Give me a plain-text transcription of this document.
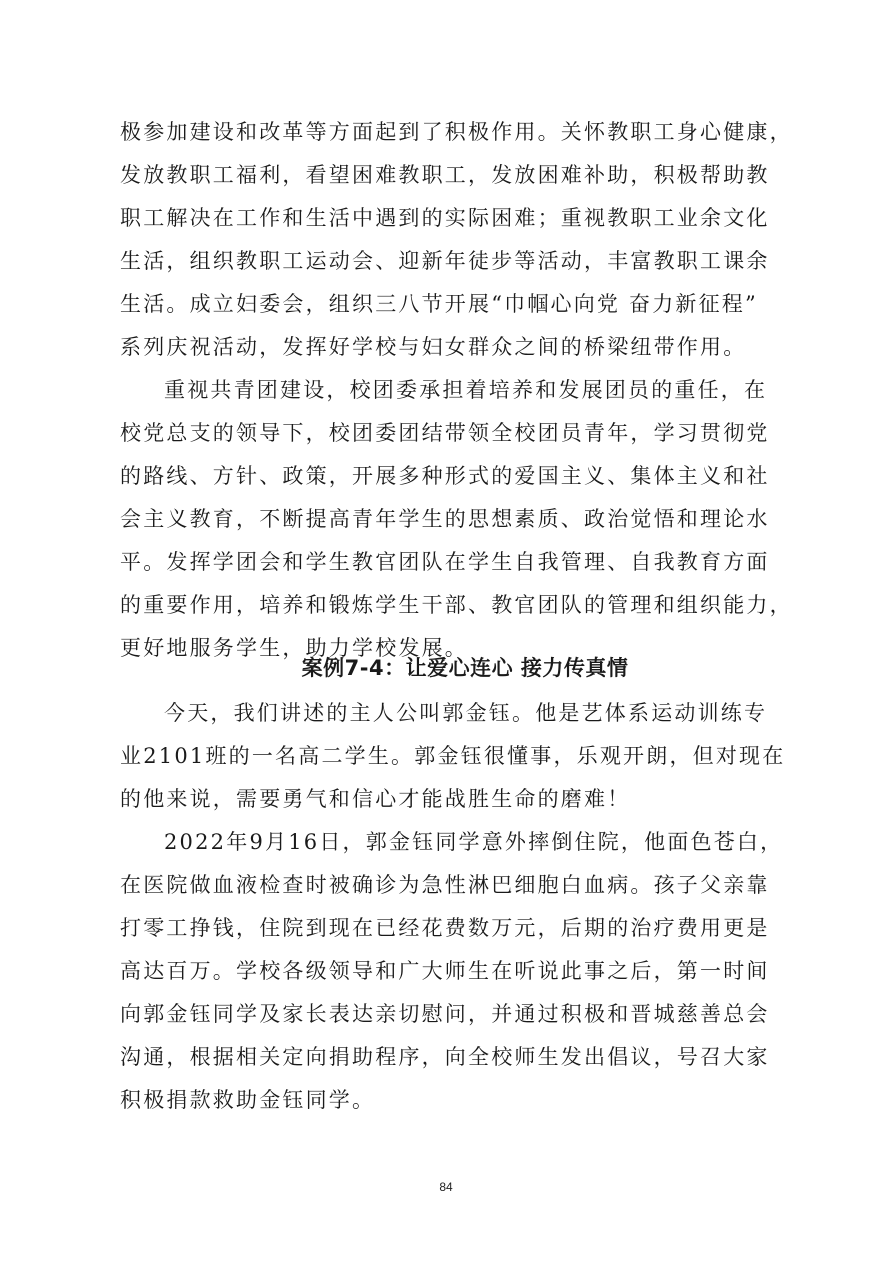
极参加建设和改革等方面起到了积极作用。关怀教职工身心健康，
发放教职工福利，看望困难教职工，发放困难补助，积极帮助教
职工解决在工作和生活中遇到的实际困难；重视教职工业余文化
生活，组织教职工运动会、迎新年徒步等活动，丰富教职工课余
生活。成立妇委会，组织三八节开展“巾帼心向党 奋力新征程”
系列庆祝活动，发挥好学校与妇女群众之间的桥梁纽带作用。
重视共青团建设，校团委承担着培养和发展团员的重任，在
校党总支的领导下，校团委团结带领全校团员青年，学习贯彻党
的路线、方针、政策，开展多种形式的爱国主义、集体主义和社
会主义教育，不断提高青年学生的思想素质、政治觉悟和理论水
平。发挥学团会和学生教官团队在学生自我管理、自我教育方面
的重要作用，培养和锻炼学生干部、教官团队的管理和组织能力，
更好地服务学生，助力学校发展。
案例7-4：让爱心连心 接力传真情
今天，我们讲述的主人公叫郭金钰。他是艺体系运动训练专
业2101班的一名高二学生。郭金钰很懂事，乐观开朗，但对现在
的他来说，需要勇气和信心才能战胜生命的磨难！
2022年9月16日，郭金钰同学意外摔倒住院，他面色苍白，
在医院做血液检查时被确诊为急性淋巴细胞白血病。孩子父亲靠
打零工挣钱，住院到现在已经花费数万元，后期的治疗费用更是
高达百万。学校各级领导和广大师生在听说此事之后，第一时间
向郭金钰同学及家长表达亲切慰问，并通过积极和晋城慈善总会
沟通，根据相关定向捐助程序，向全校师生发出倡议，号召大家
积极捐款救助金钰同学。
84
